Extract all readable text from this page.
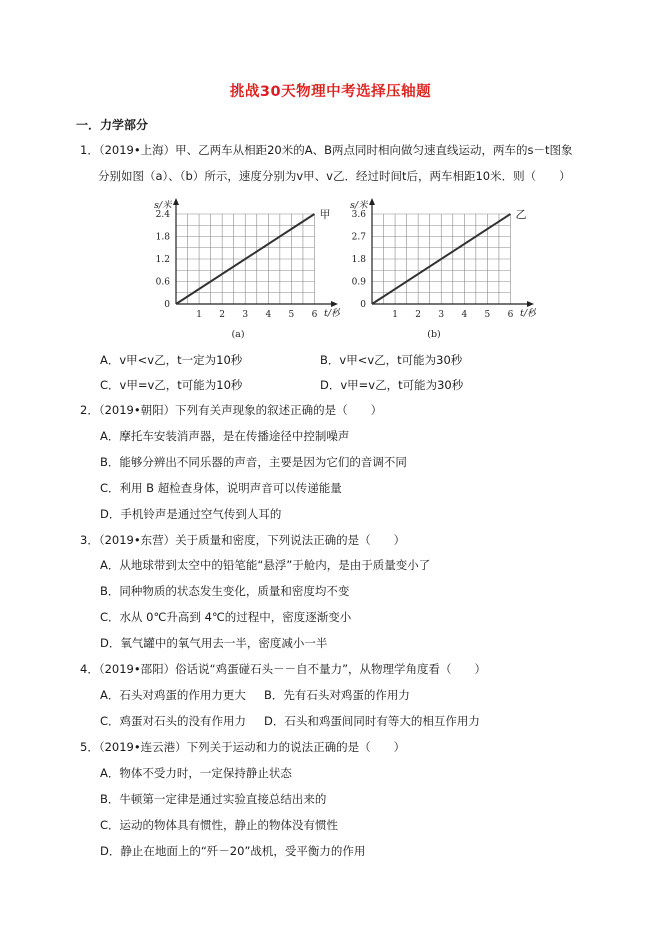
挑战30天物理中考选择压轴题
一．力学部分
1．（2019•上海）甲、乙两车从相距20米的A、B两点同时相向做匀速直线运动，两车的s－t图象
分别如图（a）、（b）所示，速度分别为v甲、v乙．经过时间t后，两车相距10米．则（　　）
1 2 3 4 5 6
0
0.6
1.2
1.8
2.4
s/米
t/秒
甲
(a)
1 2 3 4 5 6
0
0.9
1.8
2.7
3.6
s/米
t/秒
乙
(b)
A．v甲<v乙，t一定为10秒	B．v甲<v乙，t可能为30秒
C．v甲=v乙，t可能为10秒	D．v甲=v乙，t可能为30秒
2．（2019•朝阳）下列有关声现象的叙述正确的是（　　）
A．摩托车安装消声器，是在传播途径中控制噪声
B．能够分辨出不同乐器的声音，主要是因为它们的音调不同
C．利用 B 超检查身体，说明声音可以传递能量
D．手机铃声是通过空气传到人耳的
3．（2019•东营）关于质量和密度，下列说法正确的是（　　）
A．从地球带到太空中的铅笔能“悬浮”于舱内，是由于质量变小了
B．同种物质的状态发生变化，质量和密度均不变
C．水从 0℃升高到 4℃的过程中，密度逐渐变小
D．氧气罐中的氧气用去一半，密度减小一半
4．（2019•邵阳）俗话说“鸡蛋碰石头－－自不量力”，从物理学角度看（　　）
A．石头对鸡蛋的作用力更大 B．先有石头对鸡蛋的作用力
C．鸡蛋对石头的没有作用力 D．石头和鸡蛋间同时有等大的相互作用力
5．（2019•连云港）下列关于运动和力的说法正确的是（　　）
A．物体不受力时，一定保持静止状态
B．牛顿第一定律是通过实验直接总结出来的
C．运动的物体具有惯性，静止的物体没有惯性
D．静止在地面上的“歼－20”战机，受平衡力的作用
